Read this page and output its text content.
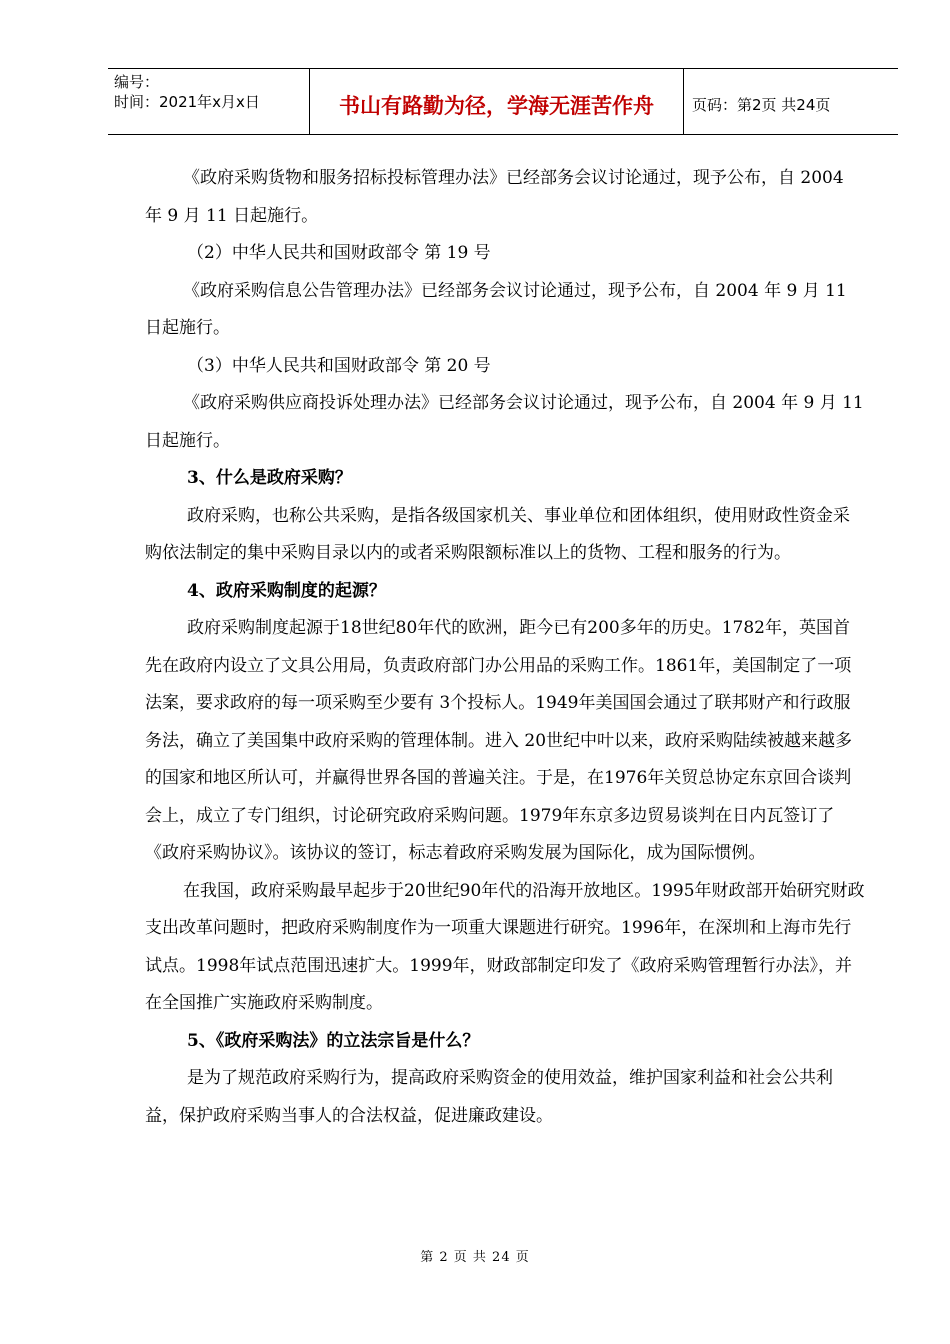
编号：
时间：2021年x月x日	书山有路勤为径，学海无涯苦作舟	页码：第2页 共24页

《政府采购货物和服务招标投标管理办法》已经部务会议讨论通过，现予公布，自 2004 年 9 月 11 日起施行。

（2）中华人民共和国财政部令 第 19 号

《政府采购信息公告管理办法》已经部务会议讨论通过，现予公布，自 2004 年 9 月 11 日起施行。

（3）中华人民共和国财政部令 第 20 号

《政府采购供应商投诉处理办法》已经部务会议讨论通过，现予公布，自 2004 年 9 月 11 日起施行。

3、什么是政府采购？

政府采购，也称公共采购，是指各级国家机关、事业单位和团体组织，使用财政性资金采购依法制定的集中采购目录以内的或者采购限额标准以上的货物、工程和服务的行为。

4、政府采购制度的起源？

政府采购制度起源于18世纪80年代的欧洲，距今已有200多年的历史。1782年，英国首先在政府内设立了文具公用局，负责政府部门办公用品的采购工作。1861年，美国制定了一项法案，要求政府的每一项采购至少要有 3个投标人。1949年美国国会通过了联邦财产和行政服务法，确立了美国集中政府采购的管理体制。进入 20世纪中叶以来，政府采购陆续被越来越多的国家和地区所认可，并赢得世界各国的普遍关注。于是，在1976年关贸总协定东京回合谈判会上，成立了专门组织，讨论研究政府采购问题。1979年东京多边贸易谈判在日内瓦签订了《政府采购协议》。该协议的签订，标志着政府采购发展为国际化，成为国际惯例。

在我国，政府采购最早起步于20世纪90年代的沿海开放地区。1995年财政部开始研究财政支出改革问题时，把政府采购制度作为一项重大课题进行研究。1996年，在深圳和上海市先行试点。1998年试点范围迅速扩大。1999年，财政部制定印发了《政府采购管理暂行办法》，并在全国推广实施政府采购制度。

5、《政府采购法》的立法宗旨是什么？

是为了规范政府采购行为，提高政府采购资金的使用效益，维护国家利益和社会公共利益，保护政府采购当事人的合法权益，促进廉政建设。

第 2 页 共 24 页
